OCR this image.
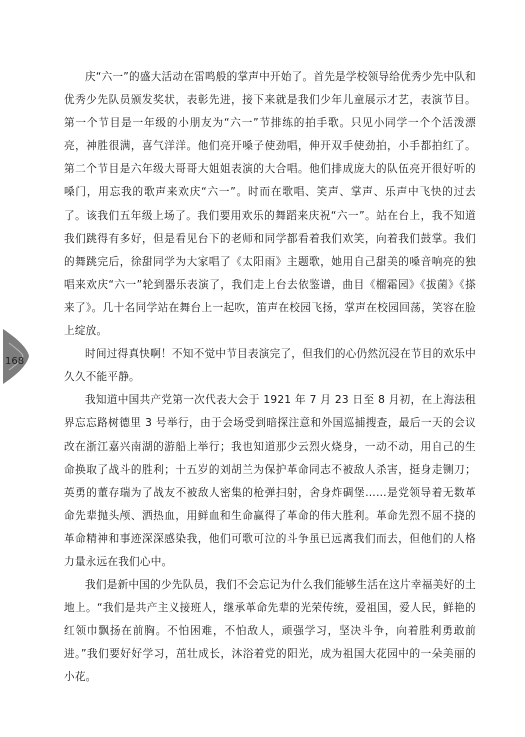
168

庆“六一”的盛大活动在雷鸣般的掌声中开始了。首先是学校领导给优秀少先中队和优秀少先队员颁发奖状，表彰先进，接下来就是我们少年儿童展示才艺，表演节目。第一个节目是一年级的小朋友为“六一”节排练的拍手歌。只见小同学一个个活泼漂亮，神胜很满，喜气洋洋。他们亮开嗓子使劲唱，伸开双手使劲拍，小手都拍红了。第二个节目是六年级大哥哥大姐姐表演的大合唱。他们排成庞大的队伍亮开很好听的嗓门，用忘我的歌声来欢庆“六一”。时而在歌唱、笑声、掌声、乐声中飞快的过去了。该我们五年级上场了。我们要用欢乐的舞蹈来庆祝“六一”。站在台上，我不知道我们跳得有多好，但是看见台下的老师和同学都看着我们欢笑，向着我们鼓掌。我们的舞跳完后，徐甜同学为大家唱了《太阳雨》主题歌，她用自己甜美的嗓音响亮的独唱来欢庆“六一”轮到器乐表演了，我们走上台去依鉴谱，曲目《榴霜园》《拔菌》《搽来了》。几十名同学站在舞台上一起吹，笛声在校园飞扬，掌声在校园回荡，笑容在脸上绽放。

时间过得真快啊！不知不觉中节目表演完了，但我们的心仍然沉浸在节目的欢乐中久久不能平静。

我知道中国共产党第一次代表大会于 1921 年 7 月 23 日至 8 月初，在上海法租界忘忘路树德里 3 号举行，由于会场受到暗探注意和外国巡捕搜查，最后一天的会议改在浙江嘉兴南湖的游船上举行；我也知道那少云烈火烧身，一动不动，用自己的生命换取了战斗的胜利；十五岁的刘胡兰为保护革命同志不被敌人杀害，挺身走铡刀；英勇的董存瑞为了战友不被敌人密集的枪弹扫射，舍身炸碉堡……是党领导着无数革命先辈抛头颅、洒热血，用鲜血和生命赢得了革命的伟大胜利。革命先烈不屈不挠的革命精神和事迹深深感染我，他们可歌可泣的斗争虽已远离我们而去，但他们的人格力量永远在我们心中。

我们是新中国的少先队员，我们不会忘记为什么我们能够生活在这片幸福美好的土地上。“我们是共产主义接班人，继承革命先辈的光荣传统，爱祖国，爱人民，鲜艳的红领巾飘扬在前胸。不怕困难，不怕敌人，顽强学习，坚决斗争，向着胜利勇敢前进。”我们要好好学习，茁壮成长，沐浴着党的阳光，成为祖国大花园中的一朵美丽的小花。
